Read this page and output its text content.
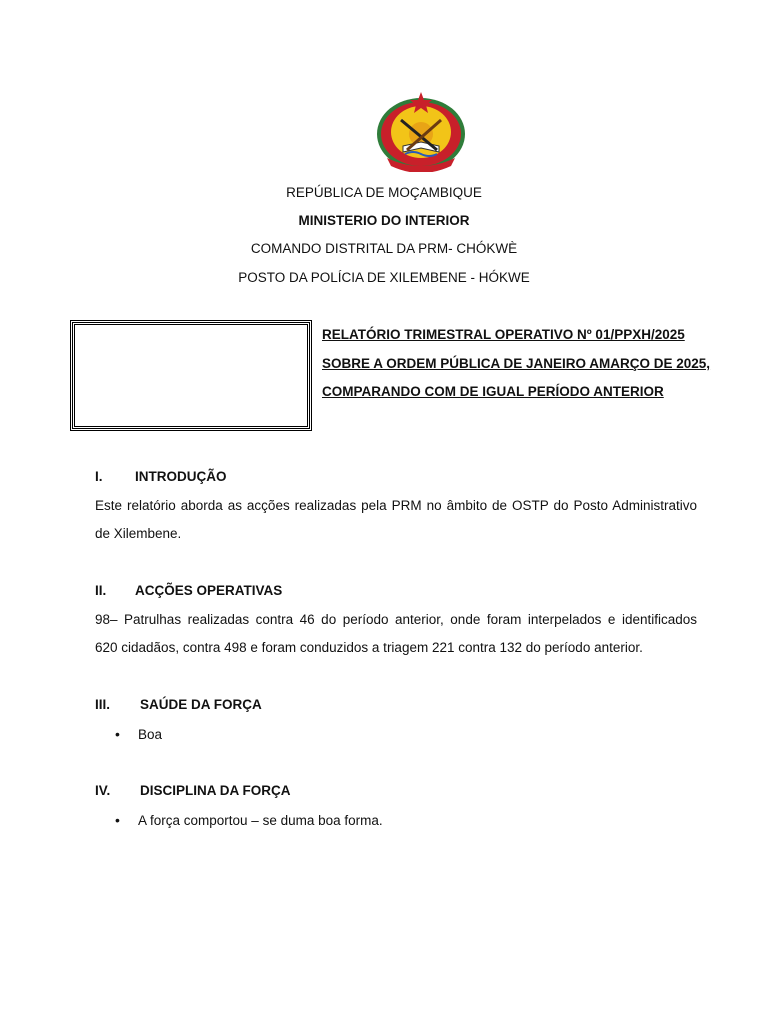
REPÚBLICA DE MOÇAMBIQUE
MINISTERIO DO INTERIOR
COMANDO DISTRITAL DA PRM- CHÓKWÈ
POSTO DA POLÍCIA DE XILEMBENE - HÓKWE
RELATÓRIO TRIMESTRAL OPERATIVO Nº 01/PPXH/2025
SOBRE A ORDEM PÚBLICA DE JANEIRO AMARÇO DE 2025,
COMPARANDO COM DE IGUAL PERÍODO ANTERIOR
I. INTRODUÇÃO
Este relatório aborda as acções realizadas pela PRM no âmbito de OSTP do Posto Administrativo
de Xilembene.
II. ACÇÕES OPERATIVAS
98– Patrulhas realizadas contra 46 do período anterior, onde foram interpelados e identificados
620 cidadãos, contra 498 e foram conduzidos a triagem 221 contra 132 do período anterior.
III. SAÚDE DA FORÇA
• Boa
IV. DISCIPLINA DA FORÇA
• A força comportou – se duma boa forma.
